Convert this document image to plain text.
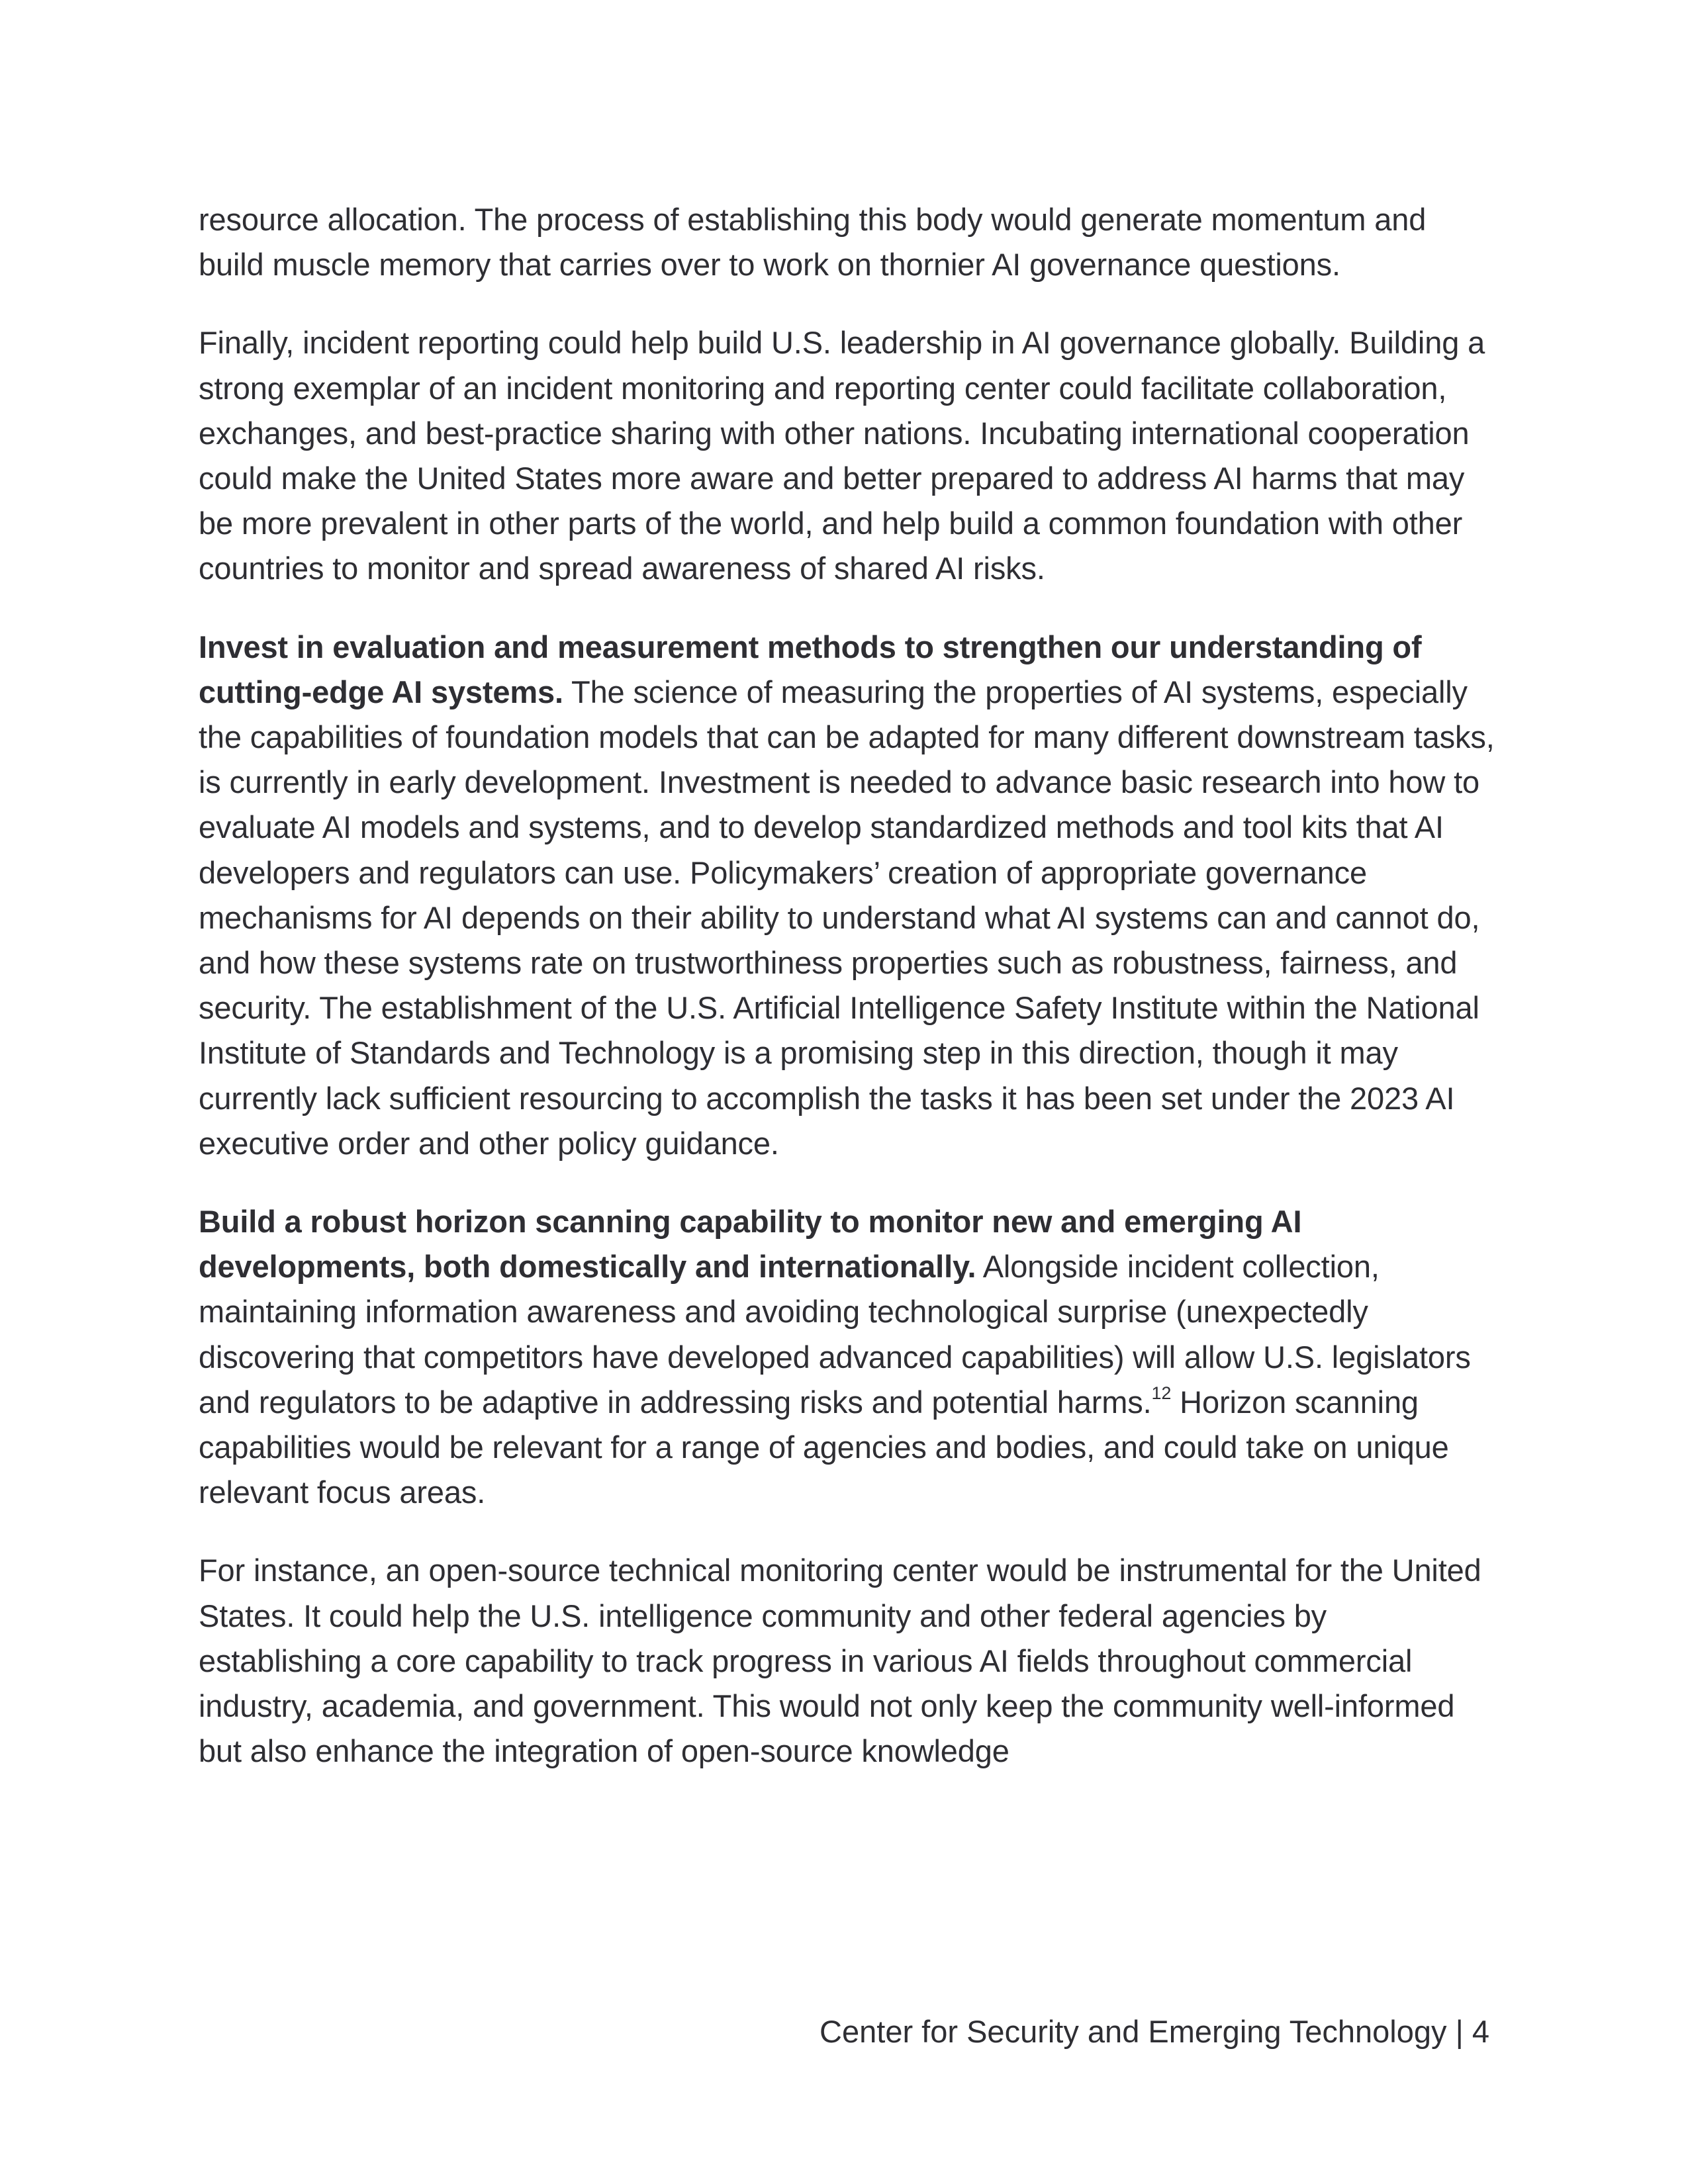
resource allocation. The process of establishing this body would generate momentum and build muscle memory that carries over to work on thornier AI governance questions.

Finally, incident reporting could help build U.S. leadership in AI governance globally. Building a strong exemplar of an incident monitoring and reporting center could facilitate collaboration, exchanges, and best-practice sharing with other nations. Incubating international cooperation could make the United States more aware and better prepared to address AI harms that may be more prevalent in other parts of the world, and help build a common foundation with other countries to monitor and spread awareness of shared AI risks.

Invest in evaluation and measurement methods to strengthen our understanding of cutting-edge AI systems. The science of measuring the properties of AI systems, especially the capabilities of foundation models that can be adapted for many different downstream tasks, is currently in early development. Investment is needed to advance basic research into how to evaluate AI models and systems, and to develop standardized methods and tool kits that AI developers and regulators can use. Policymakers’ creation of appropriate governance mechanisms for AI depends on their ability to understand what AI systems can and cannot do, and how these systems rate on trustworthiness properties such as robustness, fairness, and security. The establishment of the U.S. Artificial Intelligence Safety Institute within the National Institute of Standards and Technology is a promising step in this direction, though it may currently lack sufficient resourcing to accomplish the tasks it has been set under the 2023 AI executive order and other policy guidance.

Build a robust horizon scanning capability to monitor new and emerging AI developments, both domestically and internationally. Alongside incident collection, maintaining information awareness and avoiding technological surprise (unexpectedly discovering that competitors have developed advanced capabilities) will allow U.S. legislators and regulators to be adaptive in addressing risks and potential harms.$^{12}$ Horizon scanning capabilities would be relevant for a range of agencies and bodies, and could take on unique relevant focus areas.

For instance, an open-source technical monitoring center would be instrumental for the United States. It could help the U.S. intelligence community and other federal agencies by establishing a core capability to track progress in various AI fields throughout commercial industry, academia, and government. This would not only keep the community well-informed but also enhance the integration of open-source knowledge

Center for Security and Emerging Technology | 4
